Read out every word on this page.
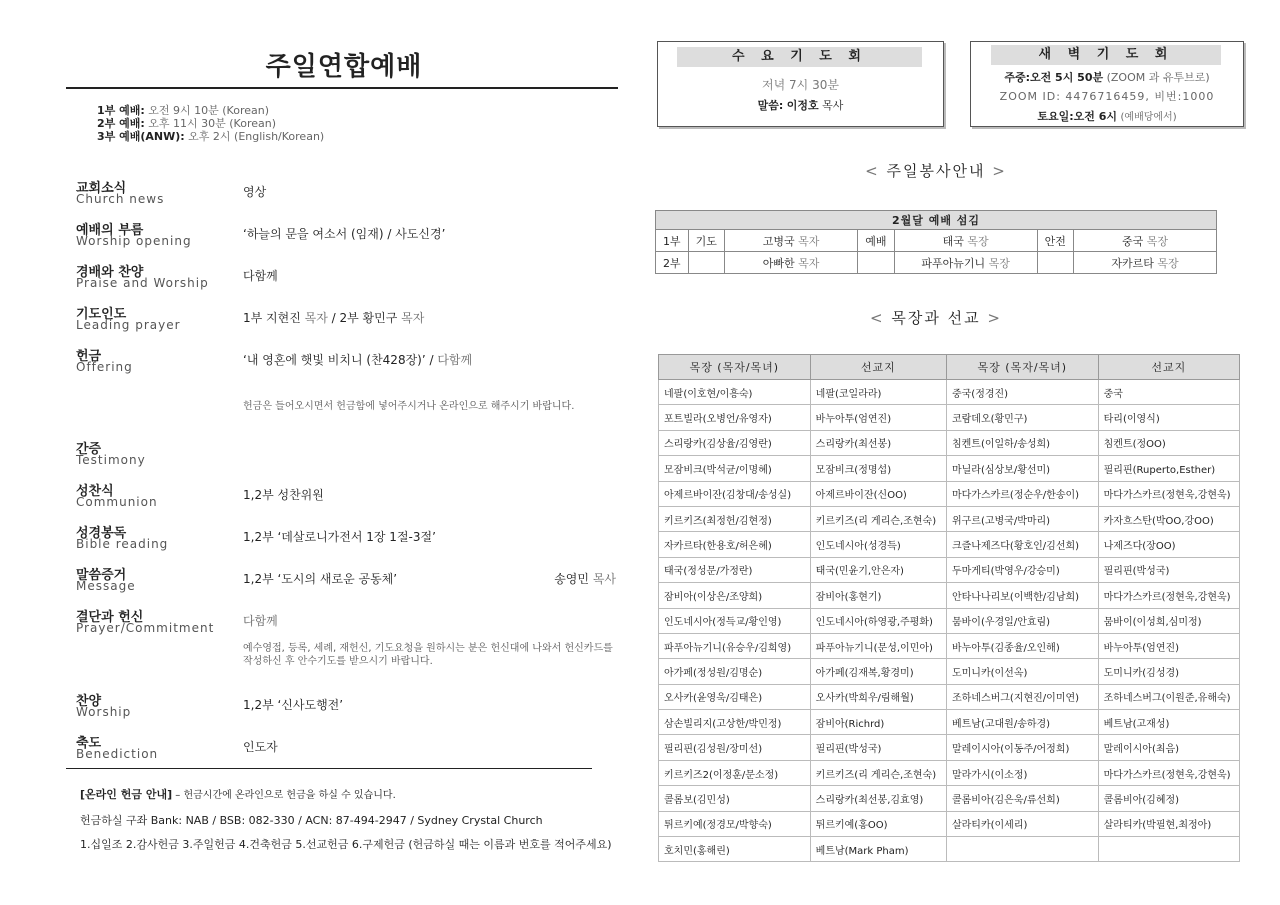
주일연합예배
1부 예배: 오전 9시 10분 (Korean)
2부 예배: 오후 11시 30분 (Korean)
3부 예배(ANW): 오후 2시 (English/Korean)
교회소식
Church news	영상
예배의 부름
Worship opening	‘하늘의 문을 여소서 (임재) / 사도신경’
경배와 찬양
Praise and Worship	다함께
기도인도
Leading prayer	1부 지현진 목자 / 2부 황민구 목자
헌금
Offering	‘내 영혼에 햇빛 비치니 (찬428장)’ / 다함께
헌금은 들어오시면서 헌금함에 넣어주시거나 온라인으로 해주시기 바랍니다.
간증
Testimony
성찬식
Communion	1,2부 성찬위원
성경봉독
Bible reading	1,2부 ‘데살로니가전서 1장 1절-3절’
말씀증거
Message	1,2부 ‘도시의 새로운 공동체’	송영민 목사
결단과 헌신
Prayer/Commitment 다함께
예수영접, 등록, 세례, 재헌신, 기도요청을 원하시는 분은 헌신대에 나와서 헌신카드를 작성하신 후 안수기도를 받으시기 바랍니다.
찬양
Worship	1,2부 ‘신사도행전’
축도
Benediction	인도자
[온라인 헌금 안내] – 헌금시간에 온라인으로 헌금을 하실 수 있습니다.
헌금하실 구좌 Bank: NAB / BSB: 082-330 / ACN: 87-494-2947 / Sydney Crystal Church
1.십일조 2.감사헌금 3.주일헌금 4.건축헌금 5.선교헌금 6.구제헌금 (헌금하실 때는 이름과 번호를 적어주세요)
수 요 기 도 회
저녁 7시 30분
말씀: 이정호 목사
새 벽 기 도 회
주중:오전 5시 50분 (ZOOM 과 유투브로)
ZOOM ID: 4476716459, 비번:1000
토요일:오전 6시 (예배당에서)
< 주일봉사안내 >
2월달 예배 섬김						
1부	기도	고병국 목자	예배	태국 목장	안전	중국 목장
2부		아빠한 목자		파푸아뉴기니 목장		자카르타 목장
< 목장과 선교 >
목장 (목자/목녀)	선교지	목장 (목자/목녀)	선교지
네팔(이호현/이흥숙)	네팔(코일라라)	중국(정경진)	중국
포트빌라(오병언/유영자)	바누아투(엄연진)	코람데오(황민구)	타리(이영식)
스리랑카(김상율/김영란)	스리랑카(최선봉)	침켄트(이일하/송성희)	침켄트(정OO)
모잠비크(박석균/이명혜)	모잠비크(정명섭)	마닐라(심상보/황선미)	필리핀(Ruperto,Esther)
아제르바이잔(김창대/송성실)	아제르바이잔(신OO)	마다가스카르(정순우/한송이)	마다가스카르(정현욱,강현욱)
키르키즈(최정헌/김현정)	키르키즈(리 게리슨,조현숙)	위구르(고병국/박마리)	카자흐스탄(박OO,강OO)
자카르타(한용호/허은혜)	인도네시아(성경득)	크즐나제즈다(황호인/김선희)	나제즈다(장OO)
태국(정성문/가정란)	태국(민윤기,안은자)	두마게티(박영우/강승미)	필리핀(박성국)
잠비아(이상은/조양희)	잠비아(홍현기)	안타나나리보(이백한/김남희)	마다가스카르(정현욱,강현욱)
인도네시아(정득교/황인영)	인도네시아(하영광,주평화)	뭄바이(우경일/안효림)	뭄바이(이성희,심미정)
파푸아뉴기니(유승우/김희영)	파푸아뉴기니(문성,이민아)	바누아투(김종율/오인해)	바누아투(엄연진)
아가페(정성원/김명순)	아가페(김재복,황경미)	도미니카(이선옥)	도미니카(김성경)
오사카(윤영욱/김태은)	오사카(박희우/림해월)	조하네스버그(지현진/이미연)	조하네스버그(이원준,유해숙)
삼손빌리지(고상한/박민정)	잠비아(Richrd)	베트남(고대원/송하경)	베트남(고재성)
필리핀(김성원/장미선)	필리핀(박성국)	말레이시아(이동주/어정희)	말레이시아(최음)
키르키즈2(이정훈/문소정)	키르키즈(리 게리슨,조현숙)	말라가시(이소정)	마다가스카르(정현욱,강현욱)
콜롬보(김민성)	스리랑카(최선봉,김효영)	콜롬비아(김은욱/류선희)	콜롬비아(김혜정)
튀르키예(정경모/박향숙)	튀르키예(홍OO)	살라티카(이세리)	살라티카(박필현,최정아)
호치민(홍해린)	베트남(Mark Pham)		
